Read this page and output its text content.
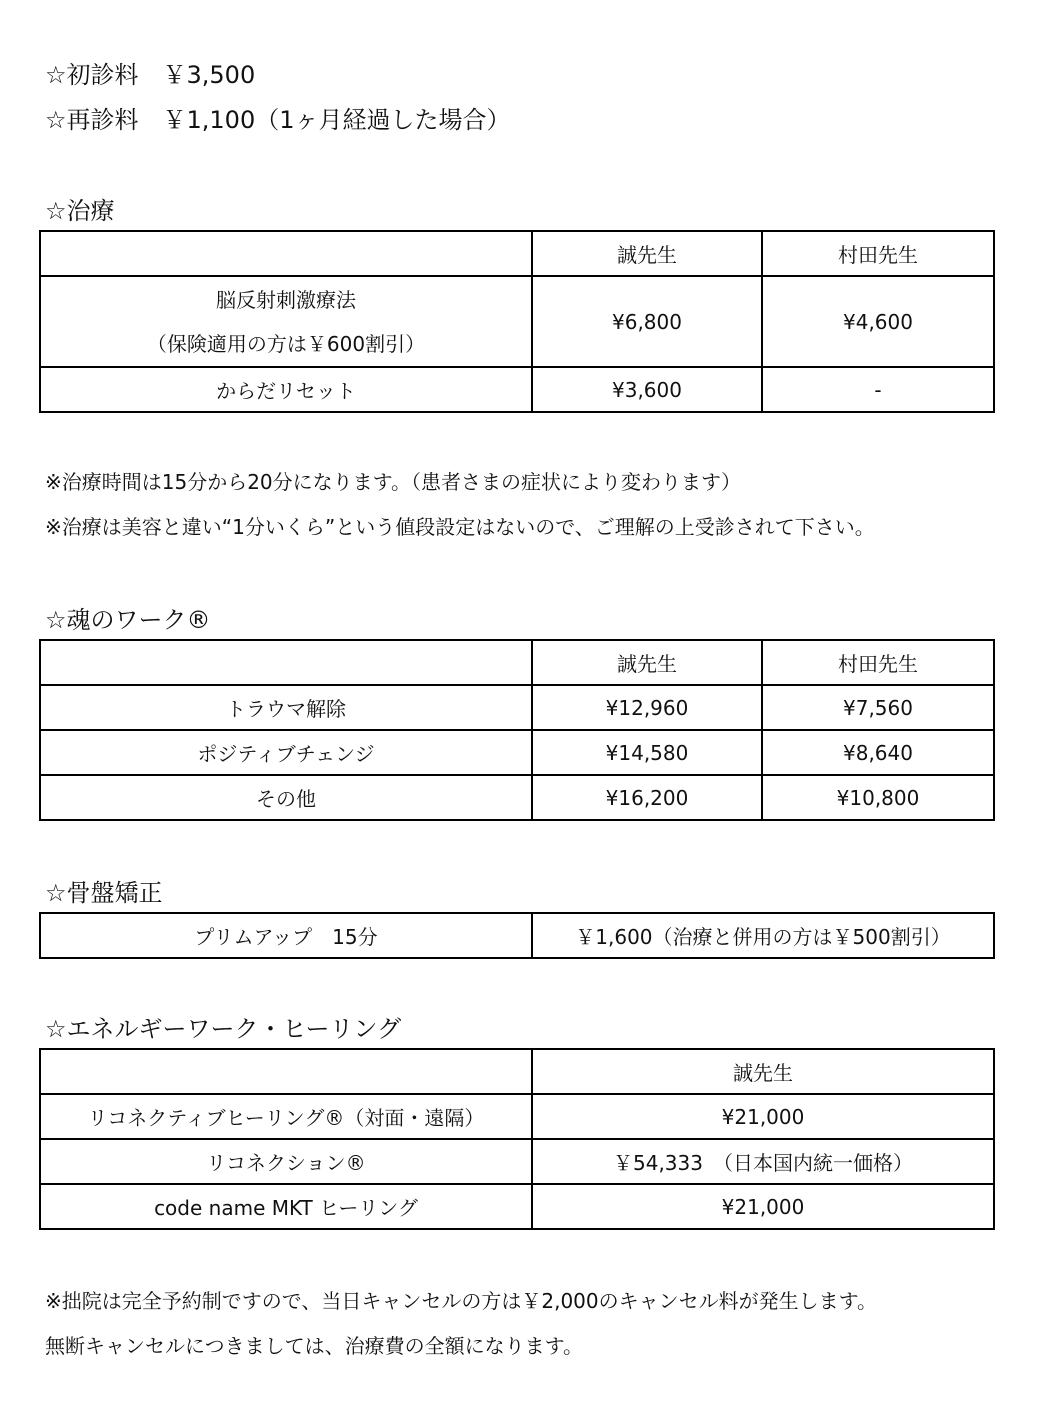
☆初診料　￥3,500
☆再診料　￥1,100（1ヶ月経過した場合）
☆治療
	誠先生	村田先生

脳反射刺激療法
（保険適用の方は￥600割引）	¥6,800	¥4,600
からだリセット	¥3,600	-
※治療時間は15分から20分になります。（患者さまの症状により変わります）
※治療は美容と違い“1分いくら”という値段設定はないので、ご理解の上受診されて下さい。
☆魂のワーク®
	誠先生	村田先生
トラウマ解除	¥12,960	¥7,560
ポジティブチェンジ	¥14,580	¥8,640
その他	¥16,200	¥10,800
☆骨盤矯正
プリムアップ　15分	￥1,600（治療と併用の方は￥500割引）
☆エネルギーワーク・ヒーリング
	誠先生
リコネクティブヒーリング®（対面・遠隔）	¥21,000
リコネクション®	￥54,333　（日本国内統一価格）
code name MKT ヒーリング	¥21,000
※拙院は完全予約制ですので、当日キャンセルの方は￥2,000のキャンセル料が発生します。
無断キャンセルにつきましては、治療費の全額になります。
